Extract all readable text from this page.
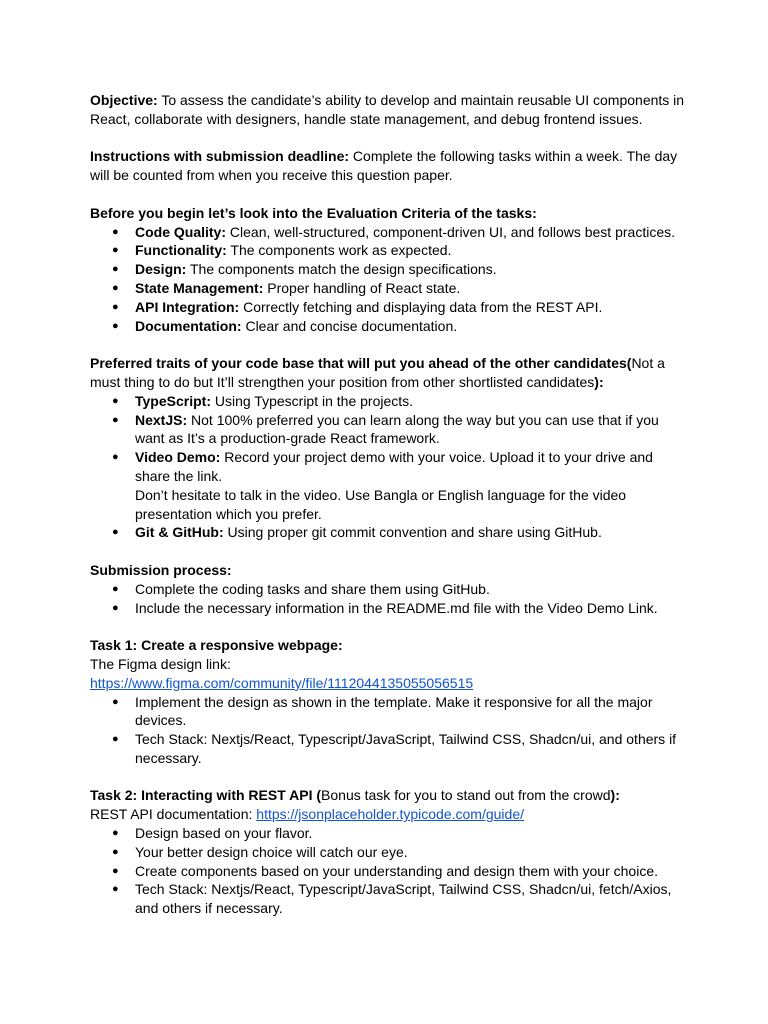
Objective: To assess the candidate’s ability to develop and maintain reusable UI components in React, collaborate with designers, handle state management, and debug frontend issues.

Instructions with submission deadline: Complete the following tasks within a week. The day will be counted from when you receive this question paper.

Before you begin let’s look into the Evaluation Criteria of the tasks:

● Code Quality: Clean, well-structured, component-driven UI, and follows best practices.
● Functionality: The components work as expected.
● Design: The components match the design specifications.
● State Management: Proper handling of React state.
● API Integration: Correctly fetching and displaying data from the REST API.
● Documentation: Clear and concise documentation.

Preferred traits of your code base that will put you ahead of the other candidates(Not a must thing to do but It’ll strengthen your position from other shortlisted candidates):

● TypeScript: Using Typescript in the projects.
● NextJS: Not 100% preferred you can learn along the way but you can use that if you want as It’s a production-grade React framework.
● Video Demo: Record your project demo with your voice. Upload it to your drive and share the link.
Don’t hesitate to talk in the video. Use Bangla or English language for the video presentation which you prefer.
● Git & GitHub: Using proper git commit convention and share using GitHub.

Submission process:

● Complete the coding tasks and share them using GitHub.
● Include the necessary information in the README.md file with the Video Demo Link.

Task 1: Create a responsive webpage:

The Figma design link:

https://www.figma.com/community/file/1112044135055056515

● Implement the design as shown in the template. Make it responsive for all the major devices.
● Tech Stack: Nextjs/React, Typescript/JavaScript, Tailwind CSS, Shadcn/ui, and others if necessary.

Task 2: Interacting with REST API (Bonus task for you to stand out from the crowd):

REST API documentation: https://jsonplaceholder.typicode.com/guide/

● Design based on your flavor.
● Your better design choice will catch our eye.
● Create components based on your understanding and design them with your choice.
● Tech Stack: Nextjs/React, Typescript/JavaScript, Tailwind CSS, Shadcn/ui, fetch/Axios, and others if necessary.
